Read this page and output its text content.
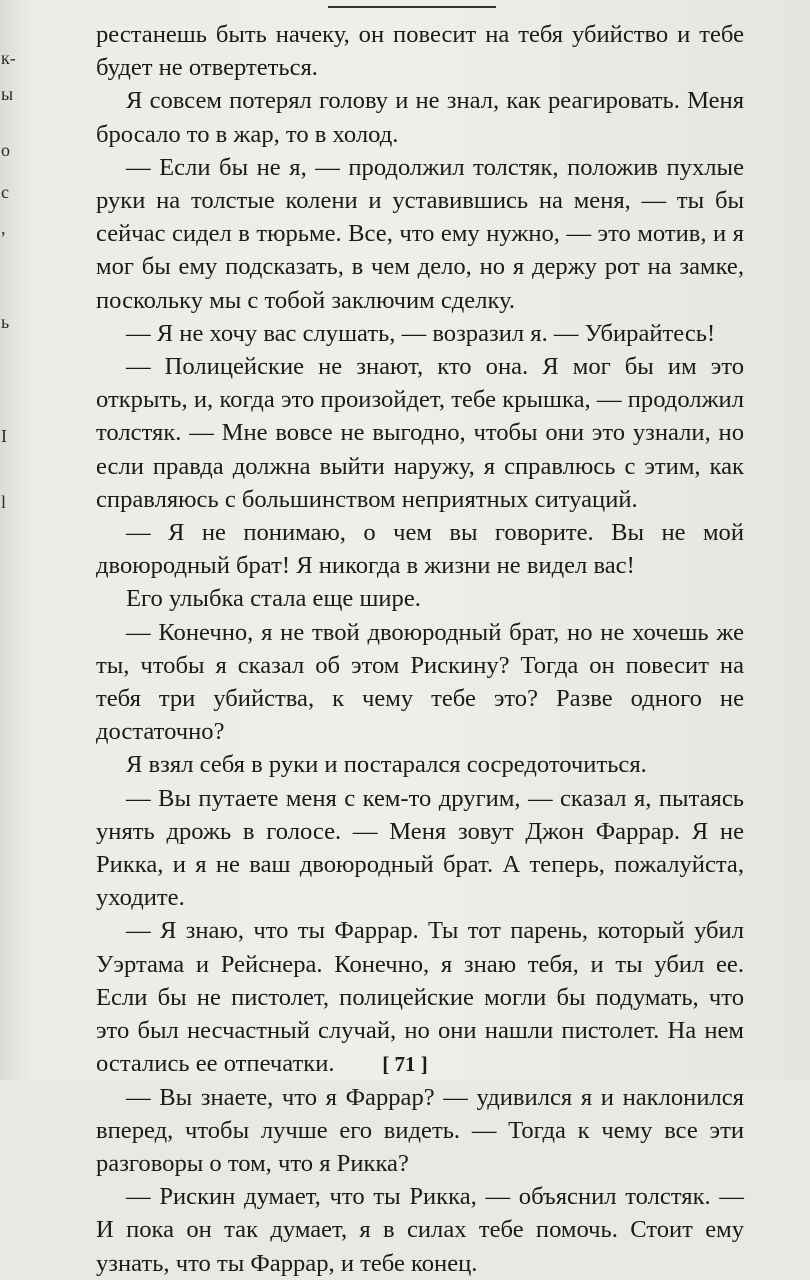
к-
ы
о
с
,
ь
I
l

рестанешь быть начеку, он повесит на тебя убийство и тебе будет не отвертеться.

Я совсем потерял голову и не знал, как реагировать. Меня бросало то в жар, то в холод.

— Если бы не я, — продолжил толстяк, положив пухлые руки на толстые колени и уставившись на меня, — ты бы сейчас сидел в тюрьме. Все, что ему нужно, — это мотив, и я мог бы ему подсказать, в чем дело, но я держу рот на замке, поскольку мы с тобой заключим сделку.

— Я не хочу вас слушать, — возразил я. — Убирайтесь!

— Полицейские не знают, кто она. Я мог бы им это открыть, и, когда это произойдет, тебе крышка, — продолжил толстяк. — Мне вовсе не выгодно, чтобы они это узнали, но если правда должна выйти наружу, я справлюсь с этим, как справляюсь с большинством неприятных ситуаций.

— Я не понимаю, о чем вы говорите. Вы не мой двоюродный брат! Я никогда в жизни не видел вас!

Его улыбка стала еще шире.

— Конечно, я не твой двоюродный брат, но не хочешь же ты, чтобы я сказал об этом Рискину? Тогда он повесит на тебя три убийства, к чему тебе это? Разве одного не достаточно?

Я взял себя в руки и постарался сосредоточиться.

— Вы путаете меня с кем-то другим, — сказал я, пытаясь унять дрожь в голосе. — Меня зовут Джон Фаррар. Я не Рикка, и я не ваш двоюродный брат. А теперь, пожалуйста, уходите.

— Я знаю, что ты Фаррар. Ты тот парень, который убил Уэртама и Рейснера. Конечно, я знаю тебя, и ты убил ее. Если бы не пистолет, полицейские могли бы подумать, что это был несчастный случай, но они нашли пистолет. На нем остались ее отпечатки.

— Вы знаете, что я Фаррар? — удивился я и наклонился вперед, чтобы лучше его видеть. — Тогда к чему все эти разговоры о том, что я Рикка?

— Рискин думает, что ты Рикка, — объяснил толстяк. — И пока он так думает, я в силах тебе помочь. Стоит ему узнать, что ты Фаррар, и тебе конец.

[ 71 ]
